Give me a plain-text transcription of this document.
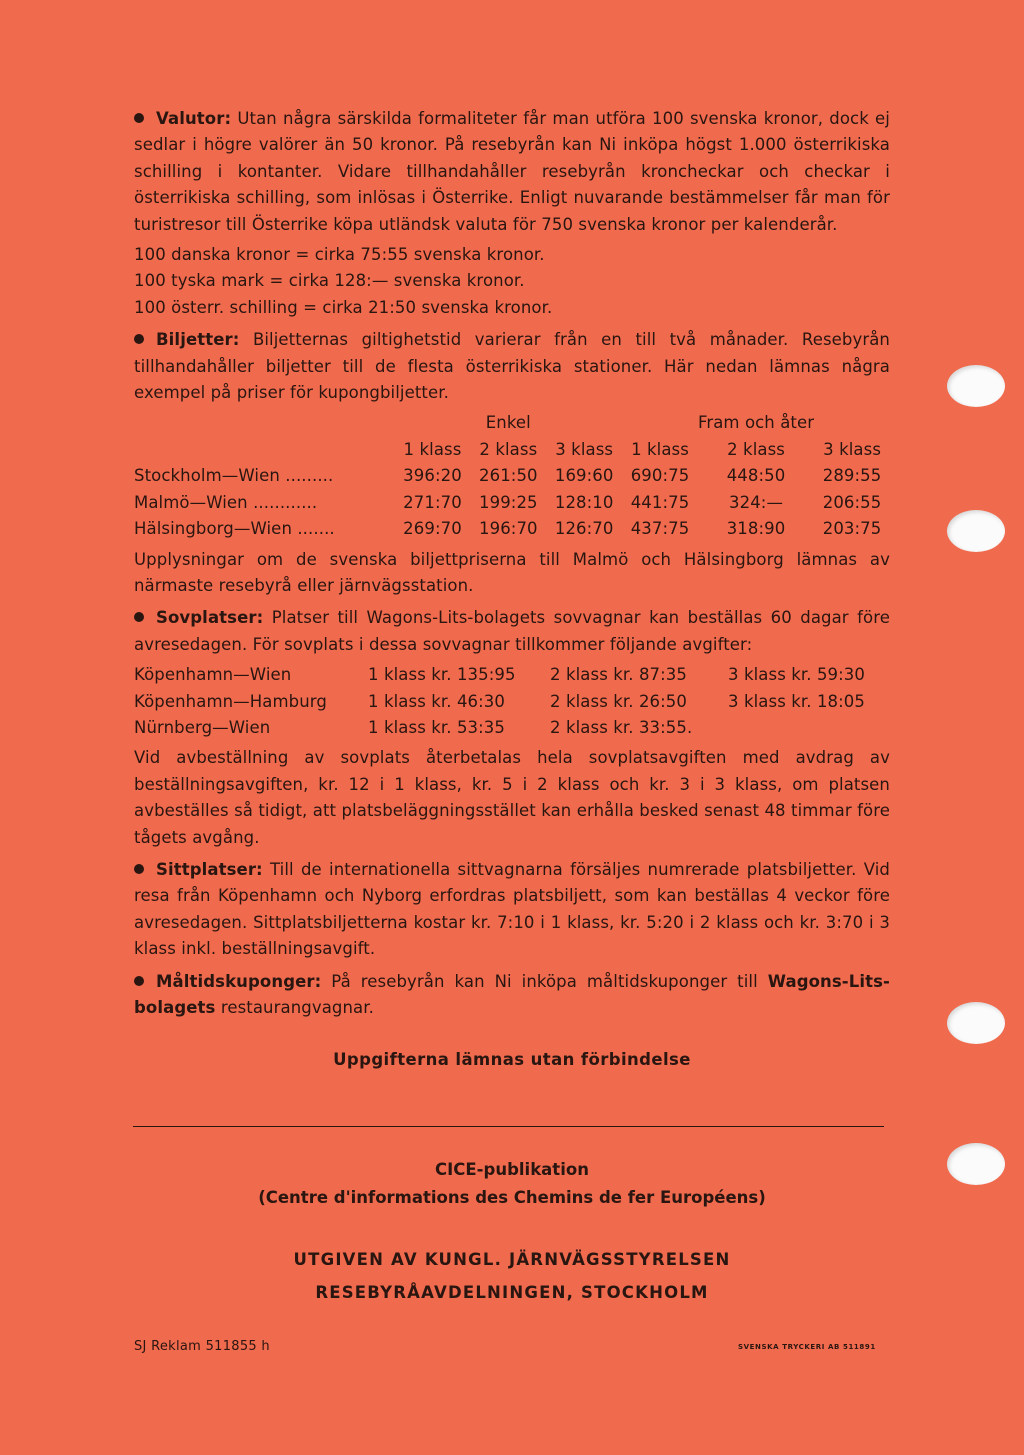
Valutor: Utan några särskilda formaliteter får man utföra 100 svenska kronor, dock ej sedlar i högre valörer än 50 kronor. På resebyrån kan Ni inköpa högst 1.000 österrikiska schilling i kontanter. Vidare tillhandahåller resebyrån kroncheckar och checkar i österrikiska schilling, som inlösas i Österrike. Enligt nuvarande bestämmelser får man för turistresor till Österrike köpa utländsk valuta för 750 svenska kronor per kalenderår.

100 danska kronor = cirka 75:55 svenska kronor.
100 tyska mark = cirka 128:— svenska kronor.
100 österr. schilling = cirka 21:50 svenska kronor.

Biljetter: Biljetternas giltighetstid varierar från en till två månader. Resebyrån tillhandahåller biljetter till de flesta österrikiska stationer. Här nedan lämnas några exempel på priser för kupongbiljetter.

		Enkel			Fram och åter	
	1 klass	2 klass	3 klass	1 klass	2 klass	3 klass
Stockholm—Wien .........	396:20	261:50	169:60	690:75	448:50	289:55
Malmö—Wien ............	271:70	199:25	128:10	441:75	324:—	206:55
Hälsingborg—Wien .......	269:70	196:70	126:70	437:75	318:90	203:75

Upplysningar om de svenska biljettpriserna till Malmö och Hälsingborg lämnas av närmaste resebyrå eller järnvägsstation.

Sovplatser: Platser till Wagons-Lits-bolagets sovvagnar kan beställas 60 dagar före avresedagen. För sovplats i dessa sovvagnar tillkommer följande avgifter:

Köpenhamn—Wien	1 klass kr. 135:95	2 klass kr. 87:35	3 klass kr. 59:30
Köpenhamn—Hamburg	1 klass kr. 46:30	2 klass kr. 26:50	3 klass kr. 18:05
Nürnberg—Wien	1 klass kr. 53:35	2 klass kr. 33:55.	

Vid avbeställning av sovplats återbetalas hela sovplatsavgiften med avdrag av beställningsavgiften, kr. 12 i 1 klass, kr. 5 i 2 klass och kr. 3 i 3 klass, om platsen avbeställes så tidigt, att platsbeläggningsstället kan erhålla besked senast 48 timmar före tågets avgång.

Sittplatser: Till de internationella sittvagnarna försäljes numrerade platsbiljetter. Vid resa från Köpenhamn och Nyborg erfordras platsbiljett, som kan beställas 4 veckor före avresedagen. Sittplatsbiljetterna kostar kr. 7:10 i 1 klass, kr. 5:20 i 2 klass och kr. 3:70 i 3 klass inkl. beställningsavgift.

Måltidskuponger: På resebyrån kan Ni inköpa måltidskuponger till Wagons-Lits-bolagets restaurangvagnar.

Uppgifterna lämnas utan förbindelse
CICE-publikation
(Centre d'informations des Chemins de fer Européens)
UTGIVEN AV KUNGL. JÄRNVÄGSSTYRELSEN
RESEBYRÅAVDELNINGEN, STOCKHOLM
SJ Reklam 511855 h	SVENSKA TRYCKERI AB 511891
